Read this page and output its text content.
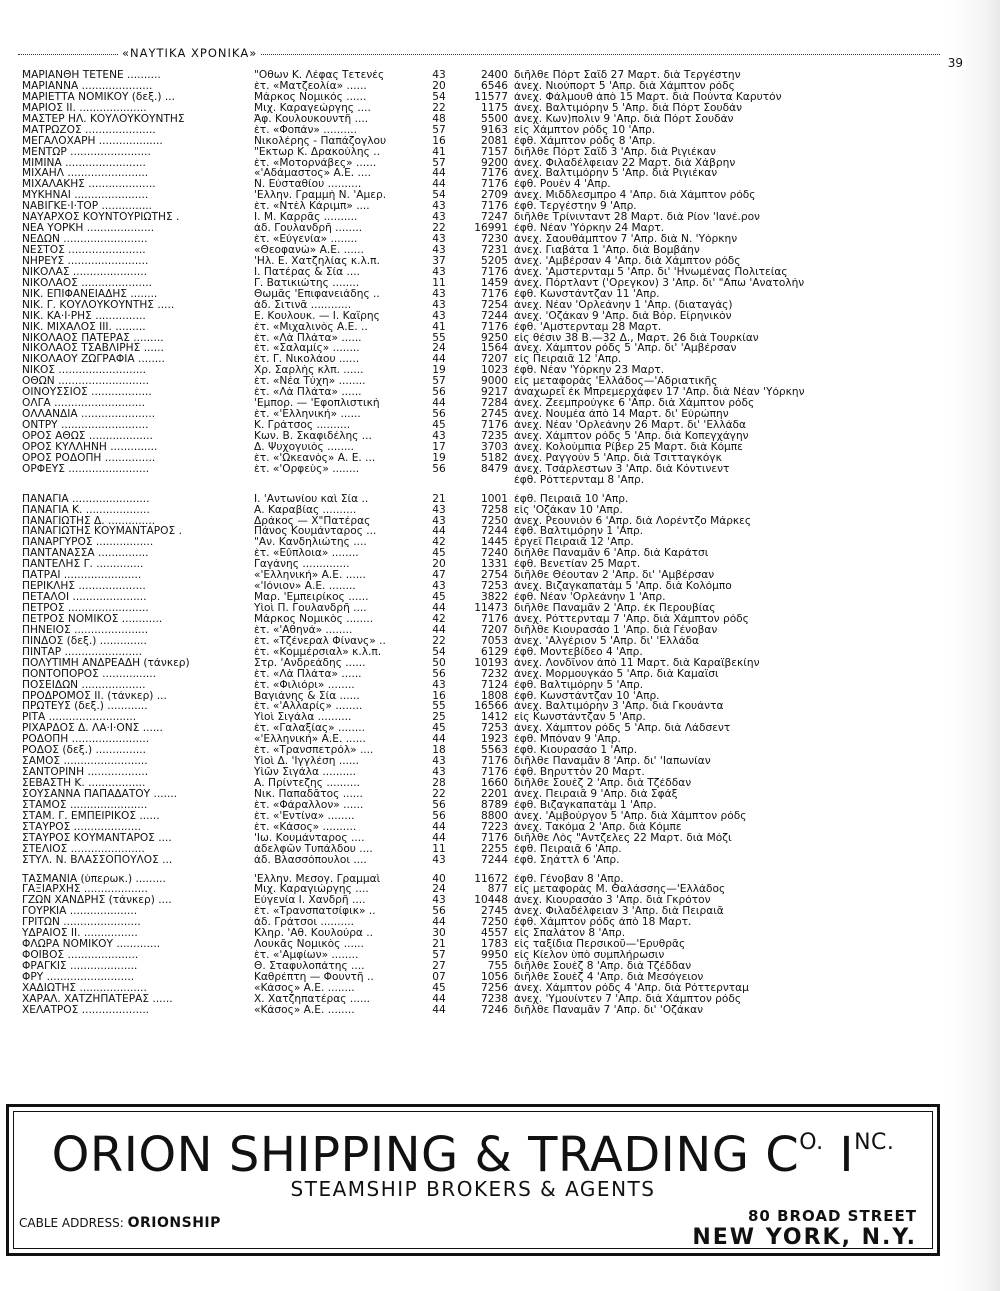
«ΝΑΥΤΙΚΑ ΧΡΟΝΙΚΑ»
39
ΜΑΡΙΑΝΘΗ ΤΕΤΕΝΕ ..........	"Οθων Κ. Λέφας Τετενές	43	2400 διῆλθε Πόρτ Σαΐδ 27 Μαρτ. διὰ Τεργέστην
ΜΑΡΙΑΝΝΑ .....................	ἑτ. «Ματζεολία» ......	20	6546 ἀνεχ. Νιούπορτ 5 'Απρ. διὰ Χάμπτον ρόδς
ΜΑΡΙΕΤΤΑ ΝΟΜΙΚΟΥ (δεξ.) ...	Μάρκος Νομικός ......	54	11577 ἀνεχ. Φάλμουθ ἀπὸ 15 Μαρτ. διὰ Πούντα Καρυτόν
ΜΑΡΙΟΣ ΙΙ. ....................	Μιχ. Καραγεώργης ....	22	1175 ἀνεχ. Βαλτιμόρην 5 'Απρ. διὰ Πόρτ Σουδάν
ΜΑΣΤΕΡ ΗΛ. ΚΟΥΛΟΥΚΟΥΝΤΗΣ	Ἀφ. Κουλουκουντῆ ....	48	5500 ἀνεχ. Κων)πολιν 9 'Απρ. διὰ Πόρτ Σουδάν
ΜΑΤΡΩΖΟΣ .....................	ἑτ. «Φοπάν» ..........	57	9163 εἰς Χάμπτον ρόδς 10 'Απρ.
ΜΕΓΑΛΟΧΑΡΗ ...................	Νικολέρης - Παπάζογλου	16	2081 ἐφθ. Χάμπτον ρόδς 8 'Απρ.
ΜΕΝΤΩΡ ........................	"Εκτωρ Κ. Δρακούλης ..	41	7157 διῆλθε Πόρτ Σαΐδ 3 'Απρ. διὰ Ριγιέκαν
ΜΙΜΙΝΑ ........................	ἑτ. «Μοτορνάβες» ......	57	9200 ἀνεχ. Φιλαδέλφειαν 22 Μαρτ. διὰ Χάβρην
ΜΙΧΑΗΛ ........................	«'Αδάμαστος» Α.Ε. ....	44	7176 ἀνεχ. Βαλτιμόρην 5 'Απρ. διὰ Ριγιέκαν
ΜΙΧΑΛΑΚΗΣ ....................	Ν. Εὐσταθίου ..........	44	7176 ἐφθ. Ρουὲν 4 'Απρ.
ΜΥΚΗΝΑΙ ......................	'Ελλην. Γραμμὴ Ν. 'Αμερ.	54	2709 ἀνεχ. Μιδδλεσμπρο 4 'Απρ. διὰ Χάμπτον ρόδς
ΝΑΒΙΓΚΕ·Ι·ΤΟΡ ...............	ἑτ. «Ντὲλ Κάριμπ» ....	43	7176 ἐφθ. Τεργέστην 9 'Απρ.
ΝΑΥΑΡΧΟΣ ΚΟΥΝΤΟΥΡΙΩΤΗΣ .	Ι. Μ. Καρρᾶς ..........	43	7247 διῆλθε Τρίνινταντ 28 Μαρτ. διὰ Ρίον 'Ιανέ.ρον
ΝΕΑ ΥΟΡΚΗ ....................	ἀδ. Γουλανδρῆ ........	22	16991 ἐφθ. Νέαν 'Υόρκην 24 Μαρτ.
ΝΕΔΩΝ .........................	ἑτ. «Εὐγενία» ........	43	7230 ἀνεχ. Σαουθάμπτον 7 'Απρ. διὰ Ν. 'Υόρκην
ΝΕΣΤΟΣ .......................	«Θεοφανώ» Α.Ε. ......	43	7231 ἀνεχ. Γιαβάτα 1 'Απρ. διὰ Βομβάην
ΝΗΡΕΥΣ ........................	'Ηλ. Ε. Χατζηλίας κ.λ.π.	37	5205 ἀνεχ. 'Αμβέρσαν 4 'Απρ. διὰ Χάμπτον ρόδς
ΝΙΚΟΛΑΣ ......................	Ι. Πατέρας & Σία ....	43	7176 ἀνεχ. 'Αμστερνταμ 5 'Απρ. δι' 'Ηνωμένας Πολιτείας
ΝΙΚΟΛΑΟΣ .....................	Γ. Βατικιώτης ........	11	1459 ἀνεχ. Πόρτλαντ ('Ορεγκον) 3 'Απρ. δι' "Απω 'Ανατολὴν
ΝΙΚ. ΕΠΙΦΑΝΕΙΑΔΗΣ ........	Θωμᾶς 'Επιφανειάδης ..	43	7176 ἐφθ. Κωνστάντζαν 11 'Απρ.
ΝΙΚ. Γ. ΚΟΥΛΟΥΚΟΥΝΤΗΣ .....	ἀδ. Σιτινᾶ ............	43	7254 ἀνεχ. Νέαν 'Ορλεάνην 1 'Απρ. (διαταγάς)
ΝΙΚ. ΚΑ·Ι·ΡΗΣ ...............	Ε. Κουλουκ. — Ι. Καΐρης	43	7244 ἀνεχ. 'Οζάκαν 9 'Απρ. διὰ Βόρ. Εἰρηνικὸν
ΝΙΚ. ΜΙΧΑΛΟΣ ΙΙΙ. .........	ἑτ. «Μιχαλινὸς Α.Ε. ..	41	7176 ἐφθ. 'Αμστερνταμ 28 Μαρτ.
ΝΙΚΟΛΑΟΣ ΠΑΤΕΡΑΣ .........	ἑτ. «Λὰ Πλάτα» ......	55	9250 εἰς θέσιν 38 Β.—32 Δ., Μαρτ. 26 διὰ Τουρκίαν
ΝΙΚΟΛΑΟΣ ΤΣΑΒΛΙΡΗΣ ......	ἑτ. «Σαλαμίς» ........	24	1564 ἀνεχ. Χάμπτον ρόδς 5 'Απρ. δι' 'Αμβέρσαν
ΝΙΚΟΛΑΟΥ ΖΩΓΡΑΦΙΑ ........	ἑτ. Γ. Νικολάου ......	44	7207 εἰς Πειραιᾶ 12 'Απρ.
ΝΙΚΟΣ ..........................	Χρ. Σαρλὴς κλπ. ......	19	1023 ἐφθ. Νέαν 'Υόρκην 23 Μαρτ.
ΟΘΩΝ ...........................	ἑτ. «Νέα Τύχη» ........	57	9000 εἰς μεταφορὰς 'Ελλάδος—'Αδριατικῆς
ΟΙΝΟΥΣΣΙΟΣ ..................	ἑτ. «Λὰ Πλάτα» ......	56	9217 ἀναχωρεῖ ἐκ Μπρεμερχάφεν 17 'Απρ. διὰ Νέαν 'Υόρκην
ΟΛΓΑ ...........................	'Εμπορ. — 'Εφοπλιστικὴ	44	7284 ἀνεχ. Ζεεμπρούγκε 6 'Απρ. διὰ Χάμπτον ρόδς
ΟΛΛΑΝΔΙΑ ......................	ἑτ. «'Ελληνική» ......	56	2745 ἀνεχ. Νουμέα ἀπὸ 14 Μαρτ. δι' Εὐρώπην
ΟΝΤΡΥ ..........................	Κ. Γράτσος ..........	45	7176 ἀνεχ. Νέαν 'Ορλεάνην 26 Μαρτ. δι' 'Ελλάδα
ΟΡΟΣ ΑΘΩΣ ...................	Κων. Β. Σκαφιδέλης ...	43	7235 ἀνεχ. Χάμπτον ρόδς 5 'Απρ. διὰ Κοπεγχάγην
ΟΡΟΣ ΚΥΛΛΗΝΗ ..............	Δ. Ψυχογυιὸς ........	17	3703 ἀνεχ. Κολούμπια Ρίβερ 25 Μαρτ. διὰ Κόμπε
ΟΡΟΣ ΡΟΔΟΠΗ ...............	ἑτ. «'Ωκεανὸς» Α. Ε. ...	19	5182 ἀνεχ. Ραγγούν 5 'Απρ. διὰ Τσιτταγκόγκ
ΟΡΦΕΥΣ ........................	ἑτ. «'Ορφεὺς» ........	56	8479 ἀνεχ. Τσάρλεστων 3 'Απρ. διὰ Κόντινεντ
ἐφθ. Ρόττερνταμ 8 'Απρ.
ΠΑΝΑΓΙΑ .......................	Ι. 'Αντωνίου καὶ Σία ..	21	1001 ἐφθ. Πειραιᾶ 10 'Απρ.
ΠΑΝΑΓΙΑ Κ. ...................	Α. Καραβίας ..........	43	7258 εἰς 'Οζάκαν 10 'Απρ.
ΠΑΝΑΓΙΩΤΗΣ Δ. ..............	Δράκος — Χ"Πατέρας	43	7250 ἀνεχ. Ρεουνιὸν 6 'Απρ. διὰ Λορέντζο Μάρκες
ΠΑΝΑΓΙΩΤΗΣ ΚΟΥΜΑΝΤΑΡΟΣ .	Πάνος Κουμάνταρος ...	44	7244 ἐφθ. Βαλτιμόρην 1 'Απρ.
ΠΑΝΑΡΓΥΡΟΣ .................	"Αν. Κανδηλιώτης ....	42	1445 ἔργεῖ Πειραιᾶ 12 'Απρ.
ΠΑΝΤΑΝΑΣΣΑ ...............	ἑτ. «Εὔπλοια» ........	45	7240 διῆλθε Παναμᾶν 6 'Απρ. διὰ Καράτσι
ΠΑΝΤΕΛΗΣ Γ. ..............	Γαγάνης ..............	20	1331 ἐφθ. Βενετίαν 25 Μαρτ.
ΠΑΤΡΑΙ .......................	«'Ελληνική» Α.Ε. ......	47	2754 διῆλθε Θέουταν 2 'Απρ. δι' 'Αμβέρσαν
ΠΕΡΙΚΛΗΣ ....................	«'Ιόνιον» Α.Ε. ........	43	7253 ἀνεχ. Βιζαγκαπατὰμ 5 'Απρ. διὰ Κολόμπο
ΠΕΤΑΛΟΙ ......................	Μαρ. 'Εμπειρίκος ......	45	3822 ἐφθ. Νέαν 'Ορλεάνην 1 'Απρ.
ΠΕΤΡΟΣ ........................	Υἱοὶ Π. Γουλανδρῆ ....	44	11473 διῆλθε Παναμᾶν 2 'Απρ. ἐκ Περουβίας
ΠΕΤΡΟΣ ΝΟΜΙΚΟΣ ............	Μάρκος Νομικὸς ........	42	7176 ἀνεχ. Ρόττερνταμ 7 'Απρ. διὰ Χάμπτον ρόδς
ΠΗΝΕΙΟΣ ......................	ἑτ. «'Αθηνά» ........	44	7207 διῆλθε Κιουρασάο 1 'Απρ. διὰ Γένοβαν
ΠΙΝΔΟΣ (δεξ.) ..............	ἑτ. «Τζένεραλ Φίνανς» ..	22	7053 ἀνεχ. 'Αλγέριον 5 'Απρ. δι' 'Ελλάδα
ΠΙΝΤΑΡ .......................	ἑτ. «Κομμέρσιαλ» κ.λ.π.	54	6129 ἐφθ. Μοντεβίδεο 4 'Απρ.
ΠΟΛΥΤΙΜΗ ΑΝΔΡΕΑΔΗ (τάνκερ)	Στρ. 'Ανδρεάδης ......	50	10193 ἀνεχ. Λονδῖνον ἀπὸ 11 Μαρτ. διὰ Καραϊβεκίην
ΠΟΝΤΟΠΟΡΟΣ ................	ἑτ. «Λὰ Πλάτα» ......	56	7232 ἀνεχ. Μορμουγκάο 5 'Απρ. διὰ Καμαΐσι
ΠΟΣΕΙΔΩΝ ...................	ἑτ. «Φιλιόρι» ........	43	7124 ἐφθ. Βαλτιμόρην 5 'Απρ.
ΠΡΟΔΡΟΜΟΣ ΙΙ. (τάνκερ) ...	Βαγιάνης & Σία ......	16	1808 ἐφθ. Κωνστάντζαν 10 'Απρ.
ΠΡΩΤΕΥΣ (δεξ.) ............	ἑτ. «'Αλλαρίς» ........	55	16566 ἀνεχ. Βαλτιμόρην 3 'Απρ. διὰ Γκουάντα
ΡΙΤΑ ..........................	Υἱοὶ Σιγάλα ..........	25	1412 εἰς Κωνστάντζαν 5 'Απρ.
ΡΙΧΑΡΔΟΣ Δ. ΛΑ·Ι·ΟΝΣ ......	ἑτ. «Γαλαξίας» ........	45	7253 ἀνεχ. Χάμπτον ρόδς 5 'Απρ. διὰ Λάδσεντ
ΡΟΔΟΠΗ .......................	«'Ελληνική» Α.Ε. ......	44	1923 ἐφθ. Μπόναν 9 'Απρ.
ΡΟΔΟΣ (δεξ.) ...............	ἑτ. «Τρανσπετρόλ» ....	18	5563 ἐφθ. Κιουρασάο 1 'Απρ.
ΣΑΜΟΣ .........................	Υἱοὶ Δ. 'Ιγγλέση ......	43	7176 διῆλθε Παναμᾶν 8 'Απρ. δι' 'Ιαπωνίαν
ΣΑΝΤΟΡΙΝΗ ..................	Υἱῶν Σιγάλα ..........	43	7176 ἐφθ. Βηρυττὸν 20 Μαρτ.
ΣΕΒΑΣΤΗ Κ. .................	Α. Πρίντεζης ..........	28	1660 διῆλθε Σουὲζ 2 'Απρ. διὰ Τζέδδαν
ΣΟΥΣΑΝΝΑ ΠΑΠΑΔΑΤΟΥ .......	Νικ. Παπαδᾶτος ......	22	2201 ἀνεχ. Πειραιᾶ 9 'Απρ. διὰ Σφάξ
ΣΤΑΜΟΣ .......................	ἑτ. «Φάραλλον» ......	56	8789 ἐφθ. Βιζαγκαπατὰμ 1 'Απρ.
ΣΤΑΜ. Γ. ΕΜΠΕΙΡΙΚΟΣ ......	ἑτ. «'Εντίνα» ........	56	8800 ἀνεχ. 'Αμβούργον 5 'Απρ. διὰ Χάμπτον ρόδς
ΣΤΑΥΡΟΣ ....................	ἑτ. «Κάσος» ..........	44	7223 ἀνεχ. Τακόμα 2 'Απρ. διὰ Κόμπε
ΣΤΑΥΡΟΣ ΚΟΥΜΑΝΤΑΡΟΣ ....	'Ιω. Κουμάνταρος ....	44	7176 διῆλθε Λὸς "Αντζελες 22 Μαρτ. διὰ Μόζι
ΣΤΕΛΙΟΣ ......................	ἀδελφῶν Τυπάλδου ....	11	2255 ἐφθ. Πειραιᾶ 6 'Απρ.
ΣΤΥΛ. Ν. ΒΛΑΣΣΟΠΟΥΛΟΣ ...	ἀδ. Βλασσόπουλοι ....	43	7244 ἐφθ. Σηάττλ 6 'Απρ.
ΤΑΣΜΑΝΙΑ (ὑπερωκ.) .........	'Ελλην. Μεσογ. Γραμμαὶ	40	11672 ἐφθ. Γένοβαν 8 'Απρ.
ΓΑΞΙΑΡΧΗΣ ...................	Μιχ. Καραγιώργης ....	24	877 εἰς μεταφορὰς Μ. Θαλάσσης—'Ελλάδος
ΓΖΩΝ ΧΑΝΔΡΗΣ (τάνκερ) ....	Εὐγενία Ι. Χανδρῆ ....	43	10448 ἀνεχ. Κιουρασάο 3 'Απρ. διὰ Γκρότον
ΓΟΥΡΚΙΑ ....................	ἑτ. «Τρανσπατσίφικ» ..	56	2745 ἀνεχ. Φιλαδέλφειαν 3 'Απρ. διὰ Πειραιᾶ
ΓΡΙΤΩΝ .......................	ἀδ. Γράτσοι ..........	44	7250 ἐφθ. Χάμπτον ρόδς ἀπὸ 18 Μαρτ.
ΥΔΡΑΙΟΣ ΙΙ. ................	Κληρ. 'Αθ. Κουλούρα ..	30	4557 εἰς Σπαλάτον 8 'Απρ.
ΦΛΩΡΑ ΝΟΜΙΚΟΥ .............	Λουκᾶς Νομικὸς ......	21	1783 εἰς ταξίδια Περσικοῦ—'Ερυθρᾶς
ΦΟΙΒΟΣ .....................	ἑτ. «'Αμφίων» ........	57	9950 εἰς Κίελον ὑπὸ συμπλήρωσιν
ΦΡΑΓΚΙΣ ....................	Θ. Σταφυλοπάτης ....	27	755 διῆλθε Σουὲζ 8 'Απρ. διὰ Τζέδδαν
ΦΡΥ ..........................	Καθρέπτη — Φουντῆ ..	07	1056 διῆλθε Σουὲζ 4 'Απρ. διὰ Μεσόγειον
ΧΑΔΙΩΤΗΣ ....................	«Κάσος» Α.Ε. ........	45	7256 ἀνεχ. Χάμπτον ρόδς 4 'Απρ. διὰ Ρόττερνταμ
ΧΑΡΑΛ. ΧΑΤΖΗΠΑΤΕΡΑΣ ......	Χ. Χατζηπατέρας ......	44	7238 ἀνεχ. 'Υμουίντεν 7 'Απρ. διὰ Χάμπτον ρόδς
ΧΕΛΑΤΡΟΣ ....................	«Κάσος» Α.Ε. ........	44	7246 διῆλθε Παναμᾶν 7 'Απρ. δι' 'Οζάκαν
ORION SHIPPING & TRADING $C^{O.}$ $I^{NC.}$
STEAMSHIP BROKERS & AGENTS
CABLE ADDRESS: ORIONSHIP	80 BROAD STREET
NEW YORK, N.Y.
